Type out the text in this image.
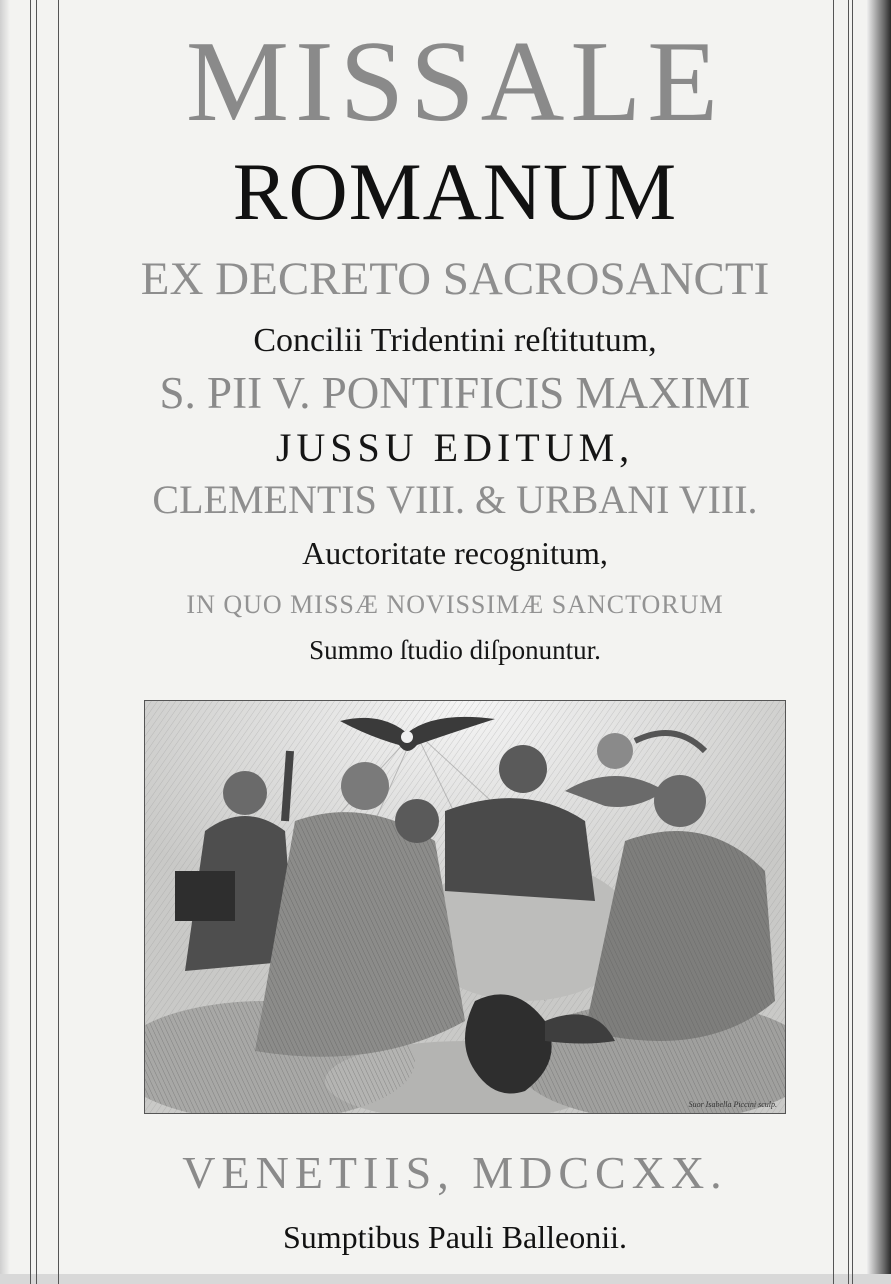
MISSALE
ROMANUM
EX DECRETO SACROSANCTI
Concilii Tridentini reſtitutum,
S. PII V. PONTIFICIS MAXIMI
JUSSU EDITUM,
CLEMENTIS VIII. & URBANI VIII.
Auctoritate recognitum,
IN QUO MISSÆ NOVISSIMÆ SANCTORUM
Summo ſtudio diſponuntur.
Suor Isabella Piccini sculp.
VENETIIS, MDCCXX.
Sumptibus Pauli Balleonii.
